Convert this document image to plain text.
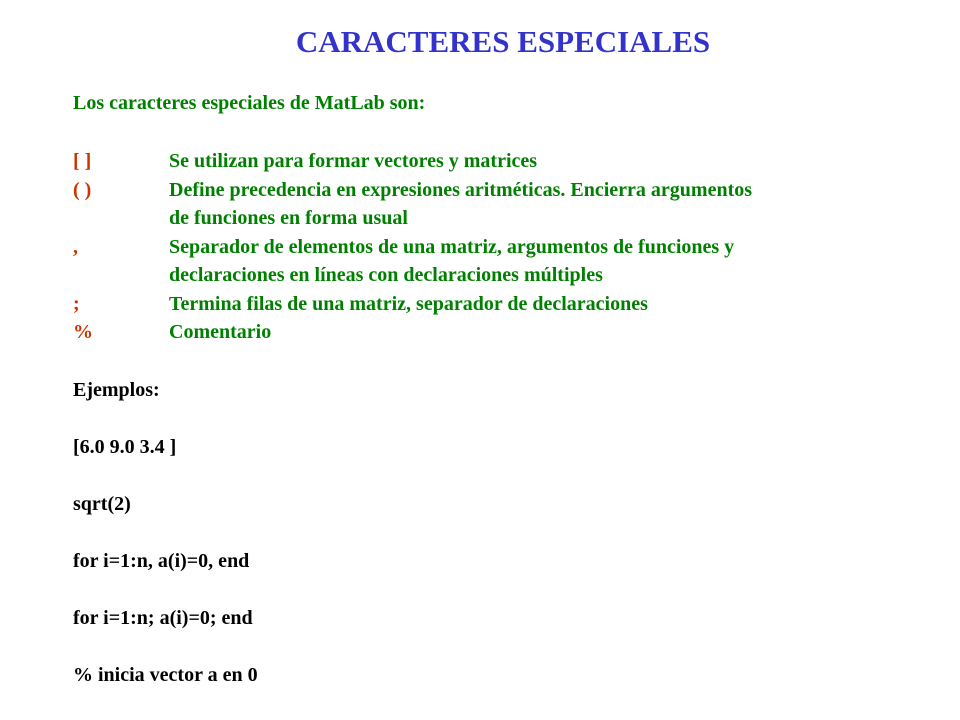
CARACTERES ESPECIALES
Los caracteres especiales de MatLab son:
[ ]	Se utilizan para formar vectores y matrices
( )	Define precedencia en expresiones aritméticas. Encierra argumentos
de funciones en forma usual
,	Separador de elementos de una matriz, argumentos de funciones y
declaraciones en líneas con declaraciones múltiples
;	Termina filas de una matriz, separador de declaraciones
%	Comentario
Ejemplos:
[6.0 9.0 3.4 ]
sqrt(2)
for i=1:n, a(i)=0, end
for i=1:n; a(i)=0; end
% inicia vector a en 0
